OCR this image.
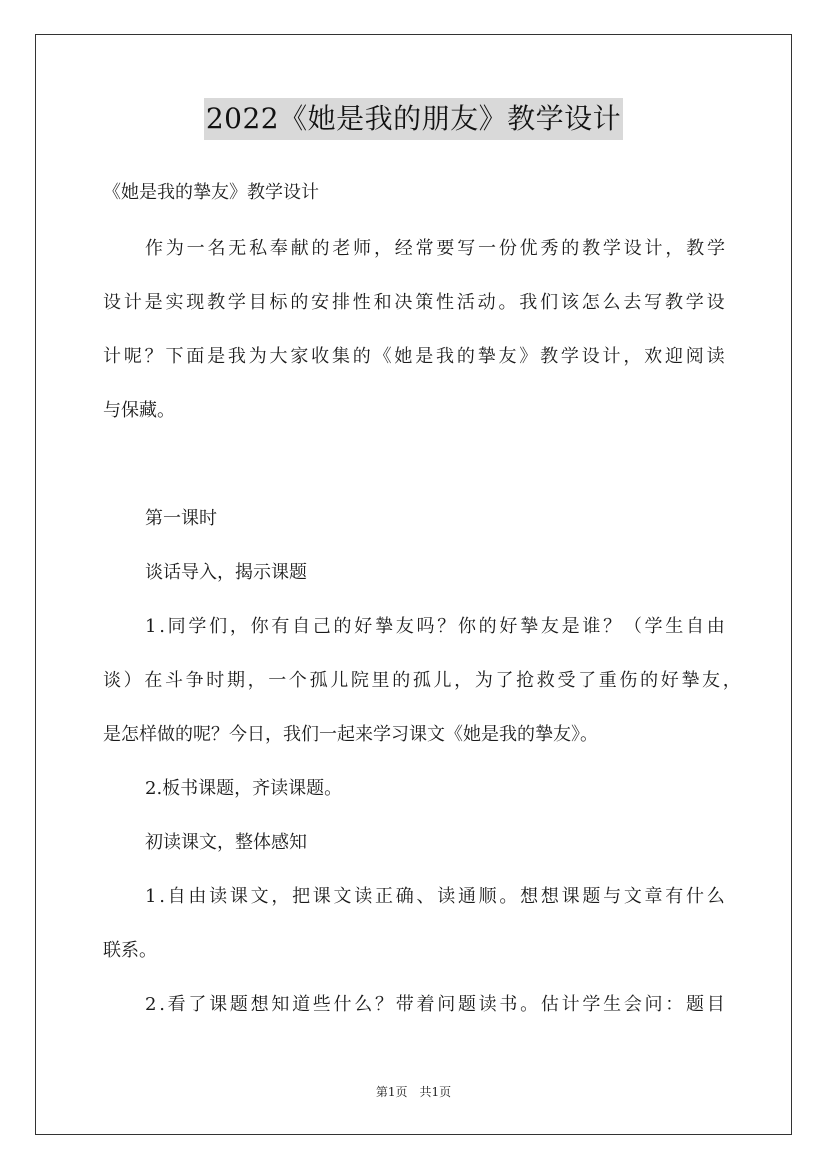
2022《她是我的朋友》教学设计
《她是我的摯友》教学设计
作 为 一 名 无 私 奉 献 的 老 师 ， 经 常 要 写 一 份 优 秀 的 教 学 设 计 ， 教 学
设 计 是 实 现 教 学 目 标 的 安 排 性 和 决 策 性 活 动 。 我 们 该 怎 么 去 写 教 学 设
计 呢 ？ 下 面 是 我 为 大 家 收 集 的 《 她 是 我 的 摯 友 》 教 学 设 计 ， 欢 迎 阅 读
与保藏。
第一课时
谈话导入，揭示课题
1 . 同 学 们 ， 你 有 自 己 的 好 摯 友 吗 ？ 你 的 好 摯 友 是 谁 ？ （ 学 生 自 由
谈 ） 在 斗 争 时 期 ， 一 个 孤 儿 院 里 的 孤 儿 ， 为 了 抢 救 受 了 重 伤 的 好 摯 友 ，
是怎样做的呢？今日，我们一起来学习课文《她是我的摯友》。
2.板书课题，齐读课题。
初读课文，整体感知
1 . 自 由 读 课 文 ， 把 课 文 读 正 确 、 读 通 顺 。 想 想 课 题 与 文 章 有 什 么
联系。
2 . 看 了 课 题 想 知 道 些 什 么 ？ 带 着 问 题 读 书 。 估 计 学 生 会 问 ： 题 目
第1页　共1页
